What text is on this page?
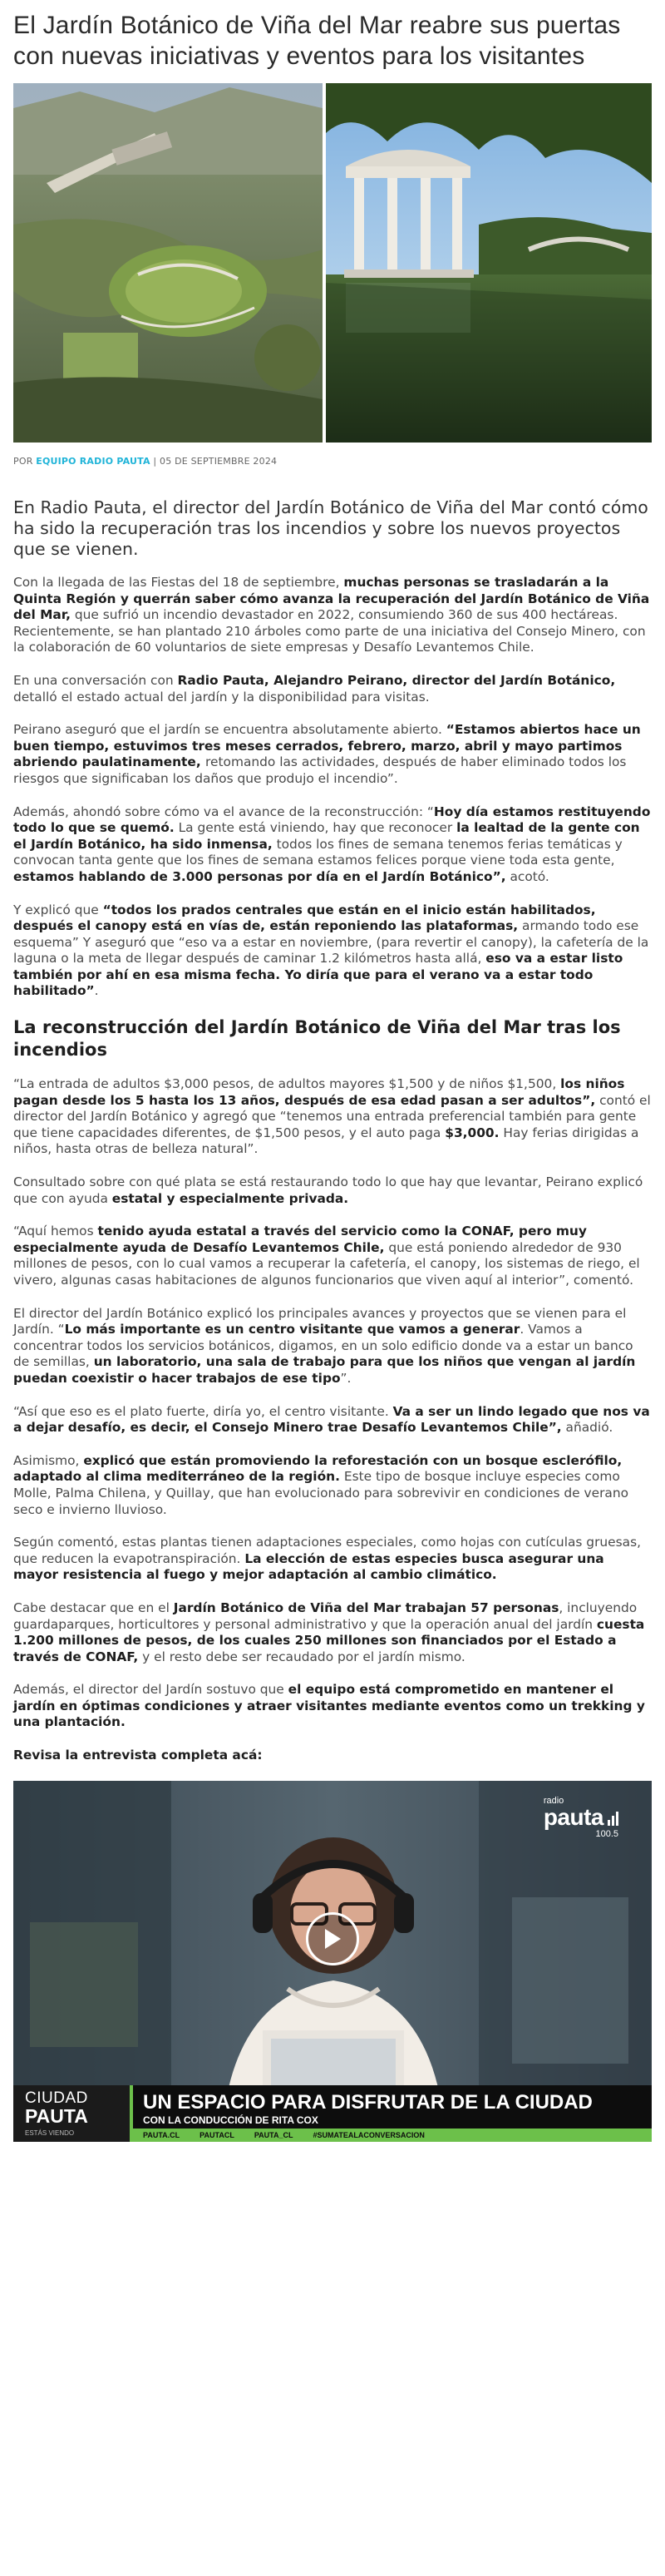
El Jardín Botánico de Viña del Mar reabre sus puertas con nuevas iniciativas y eventos para los visitantes
POR EQUIPO RADIO PAUTA | 05 DE SEPTIEMBRE 2024

En Radio Pauta, el director del Jardín Botánico de Viña del Mar contó cómo ha sido la recuperación tras los incendios y sobre los nuevos proyectos que se vienen.

Con la llegada de las Fiestas del 18 de septiembre, muchas personas se trasladarán a la Quinta Región y querrán saber cómo avanza la recuperación del Jardín Botánico de Viña del Mar, que sufrió un incendio devastador en 2022, consumiendo 360 de sus 400 hectáreas. Recientemente, se han plantado 210 árboles como parte de una iniciativa del Consejo Minero, con la colaboración de 60 voluntarios de siete empresas y Desafío Levantemos Chile.

En una conversación con Radio Pauta, Alejandro Peirano, director del Jardín Botánico, detalló el estado actual del jardín y la disponibilidad para visitas.

Peirano aseguró que el jardín se encuentra absolutamente abierto. “Estamos abiertos hace un buen tiempo, estuvimos tres meses cerrados, febrero, marzo, abril y mayo partimos abriendo paulatinamente, retomando las actividades, después de haber eliminado todos los riesgos que significaban los daños que produjo el incendio”.

Además, ahondó sobre cómo va el avance de la reconstrucción: “Hoy día estamos restituyendo todo lo que se quemó. La gente está viniendo, hay que reconocer la lealtad de la gente con el Jardín Botánico, ha sido inmensa, todos los fines de semana tenemos ferias temáticas y convocan tanta gente que los fines de semana estamos felices porque viene toda esta gente, estamos hablando de 3.000 personas por día en el Jardín Botánico”, acotó.

Y explicó que “todos los prados centrales que están en el inicio están habilitados, después el canopy está en vías de, están reponiendo las plataformas, armando todo ese esquema” Y aseguró que “eso va a estar en noviembre, (para revertir el canopy), la cafetería de la laguna o la meta de llegar después de caminar 1.2 kilómetros hasta allá, eso va a estar listo también por ahí en esa misma fecha. Yo diría que para el verano va a estar todo habilitado”.

La reconstrucción del Jardín Botánico de Viña del Mar tras los incendios

“La entrada de adultos $3,000 pesos, de adultos mayores $1,500 y de niños $1,500, los niños pagan desde los 5 hasta los 13 años, después de esa edad pasan a ser adultos”, contó el director del Jardín Botánico y agregó que “tenemos una entrada preferencial también para gente que tiene capacidades diferentes, de $1,500 pesos, y el auto paga $3,000. Hay ferias dirigidas a niños, hasta otras de belleza natural”.

Consultado sobre con qué plata se está restaurando todo lo que hay que levantar, Peirano explicó que con ayuda estatal y especialmente privada.

“Aquí hemos tenido ayuda estatal a través del servicio como la CONAF, pero muy especialmente ayuda de Desafío Levantemos Chile, que está poniendo alrededor de 930 millones de pesos, con lo cual vamos a recuperar la cafetería, el canopy, los sistemas de riego, el vivero, algunas casas habitaciones de algunos funcionarios que viven aquí al interior”, comentó.

El director del Jardín Botánico explicó los principales avances y proyectos que se vienen para el Jardín. “Lo más importante es un centro visitante que vamos a generar. Vamos a concentrar todos los servicios botánicos, digamos, en un solo edificio donde va a estar un banco de semillas, un laboratorio, una sala de trabajo para que los niños que vengan al jardín puedan coexistir o hacer trabajos de ese tipo”.

“Así que eso es el plato fuerte, diría yo, el centro visitante. Va a ser un lindo legado que nos va a dejar desafío, es decir, el Consejo Minero trae Desafío Levantemos Chile”, añadió.

Asimismo, explicó que están promoviendo la reforestación con un bosque esclerófilo, adaptado al clima mediterráneo de la región. Este tipo de bosque incluye especies como Molle, Palma Chilena, y Quillay, que han evolucionado para sobrevivir en condiciones de verano seco e invierno lluvioso.

Según comentó, estas plantas tienen adaptaciones especiales, como hojas con cutículas gruesas, que reducen la evapotranspiración. La elección de estas especies busca asegurar una mayor resistencia al fuego y mejor adaptación al cambio climático.

Cabe destacar que en el Jardín Botánico de Viña del Mar trabajan 57 personas, incluyendo guardaparques, horticultores y personal administrativo y que la operación anual del jardín cuesta 1.200 millones de pesos, de los cuales 250 millones son financiados por el Estado a través de CONAF, y el resto debe ser recaudado por el jardín mismo.

Además, el director del Jardín sostuvo que el equipo está comprometido en mantener el jardín en óptimas condiciones y atraer visitantes mediante eventos como un trekking y una plantación.

Revisa la entrevista completa acá:

radio
pauta
100.5
CIUDAD
PAUTA
ESTÁS VIENDO
UN ESPACIO PARA DISFRUTAR DE LA CIUDAD
CON LA CONDUCCIÓN DE RITA COX
PAUTA.CL	PAUTACL	PAUTA_CL	#SUMATEALACONVERSACION
